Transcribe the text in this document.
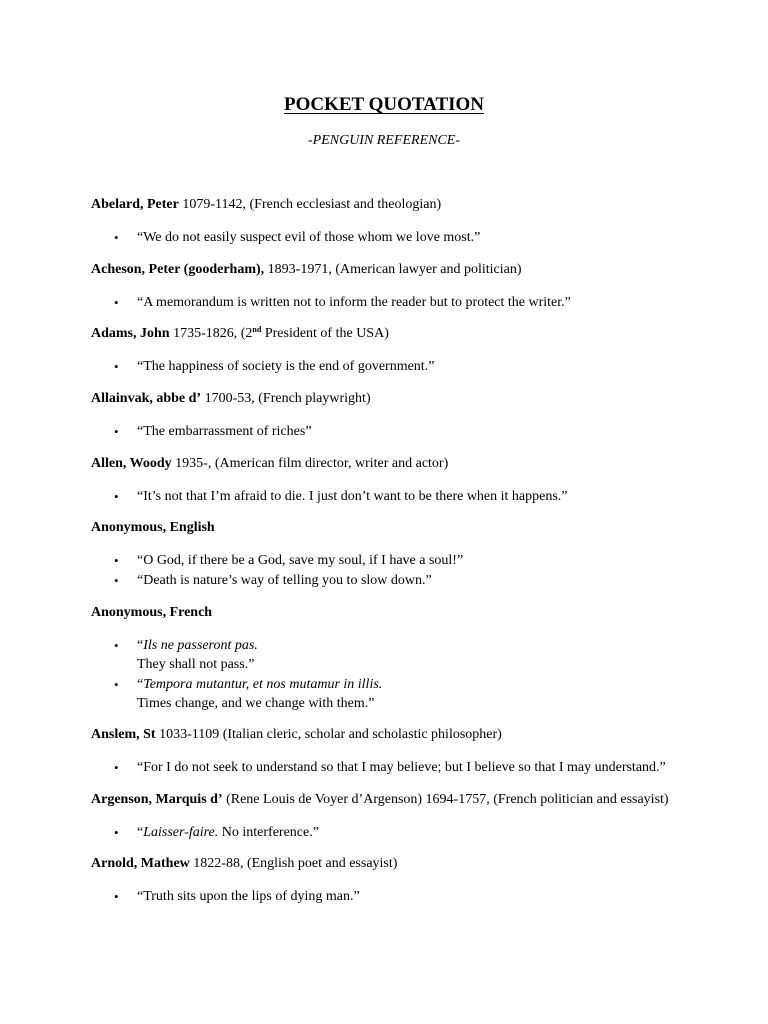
POCKET QUOTATION
-PENGUIN REFERENCE-
Abelard, Peter 1079-1142, (French ecclesiast and theologian)
• “We do not easily suspect evil of those whom we love most.”
Acheson, Peter (gooderham), 1893-1971, (American lawyer and politician)
• “A memorandum is written not to inform the reader but to protect the writer.”
Adams, John 1735-1826, (2nd President of the USA)
• “The happiness of society is the end of government.”
Allainvak, abbe d’ 1700-53, (French playwright)
• “The embarrassment of riches”
Allen, Woody 1935-, (American film director, writer and actor)
• “It’s not that I’m afraid to die. I just don’t want to be there when it happens.”
Anonymous, English
• “O God, if there be a God, save my soul, if I have a soul!”
• “Death is nature’s way of telling you to slow down.”
Anonymous, French
• “Ils ne passeront pas.
They shall not pass.”
• “Tempora mutantur, et nos mutamur in illis.
Times change, and we change with them.”
Anslem, St 1033-1109 (Italian cleric, scholar and scholastic philosopher)
• “For I do not seek to understand so that I may believe; but I believe so that I may understand.”
Argenson, Marquis d’ (Rene Louis de Voyer d’Argenson) 1694-1757, (French politician and essayist)
• “Laisser-faire. No interference.”
Arnold, Mathew 1822-88, (English poet and essayist)
• “Truth sits upon the lips of dying man.”
